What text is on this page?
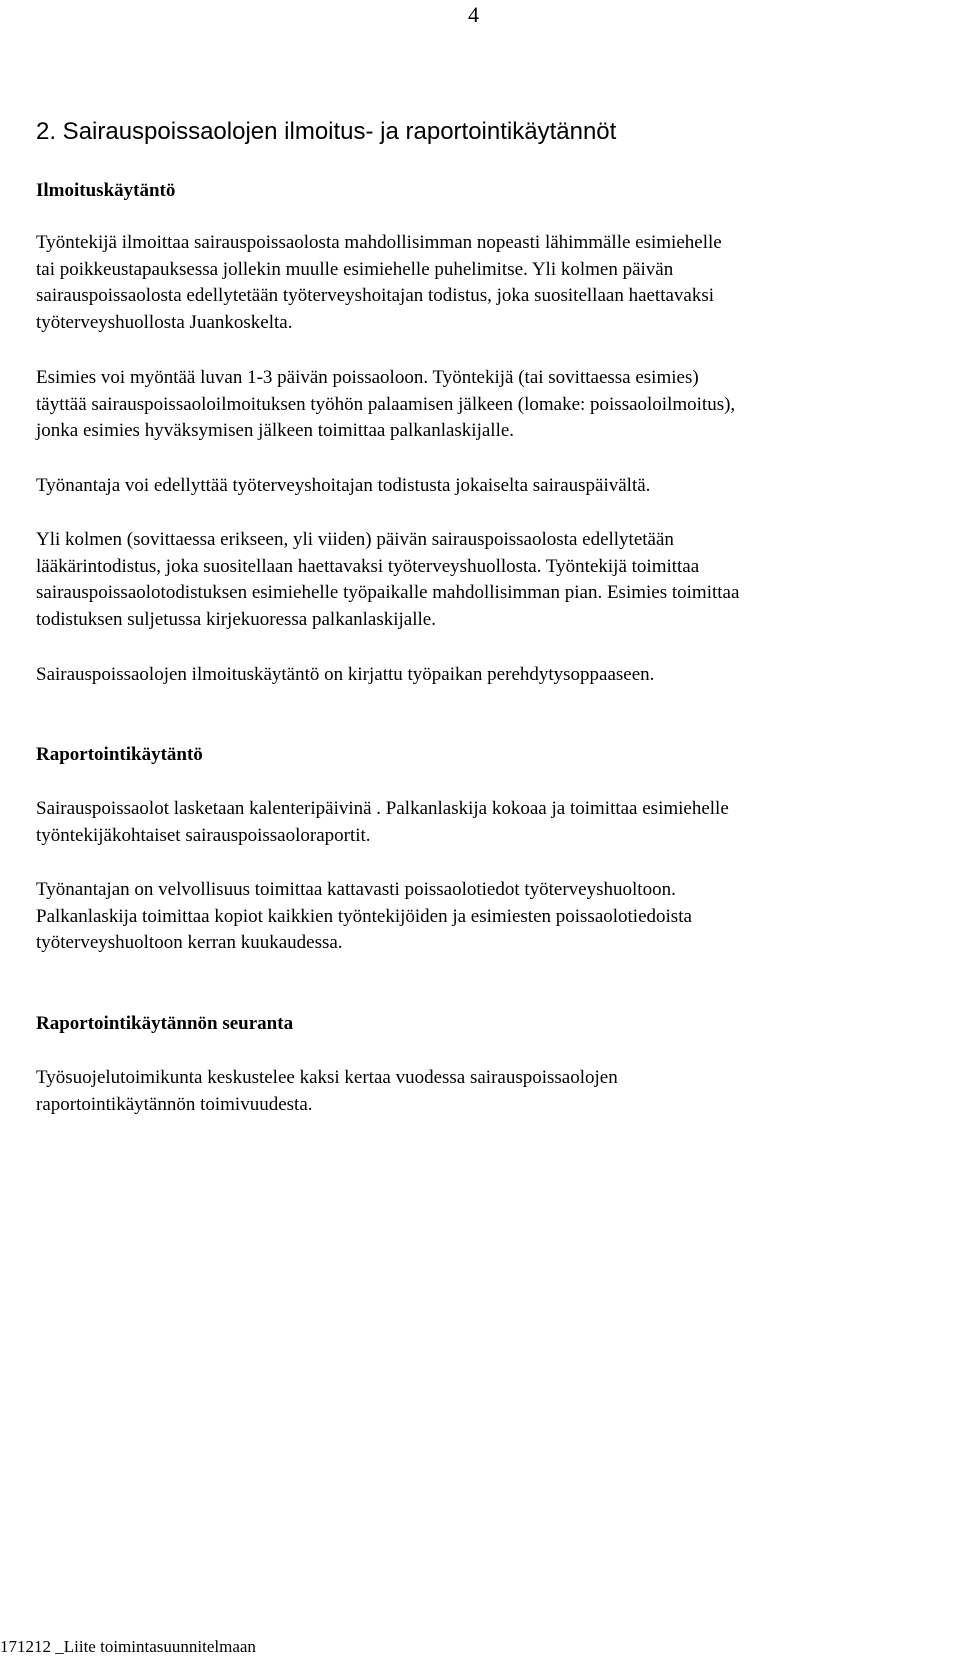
4
2. Sairauspoissaolojen ilmoitus- ja raportointikäytännöt
Ilmoituskäytäntö

Työntekijä ilmoittaa sairauspoissaolosta mahdollisimman nopeasti lähimmälle esimiehelle
tai poikkeustapauksessa jollekin muulle esimiehelle puhelimitse. Yli kolmen päivän
sairauspoissaolosta edellytetään työterveyshoitajan todistus, joka suositellaan haettavaksi
työterveyshuollosta Juankoskelta.

Esimies voi myöntää luvan 1-3 päivän poissaoloon. Työntekijä (tai sovittaessa esimies)
täyttää sairauspoissaoloilmoituksen työhön palaamisen jälkeen (lomake: poissaoloilmoitus),
jonka esimies hyväksymisen jälkeen toimittaa palkanlaskijalle.

Työnantaja voi edellyttää työterveyshoitajan todistusta jokaiselta sairauspäivältä.

Yli kolmen (sovittaessa erikseen, yli viiden) päivän sairauspoissaolosta edellytetään
lääkärintodistus, joka suositellaan haettavaksi työterveyshuollosta. Työntekijä toimittaa
sairauspoissaolotodistuksen esimiehelle työpaikalle mahdollisimman pian. Esimies toimittaa
todistuksen suljetussa kirjekuoressa palkanlaskijalle.

Sairauspoissaolojen ilmoituskäytäntö on kirjattu työpaikan perehdytysoppaaseen.

Raportointikäytäntö

Sairauspoissaolot lasketaan kalenteripäivinä . Palkanlaskija kokoaa ja toimittaa esimiehelle
työntekijäkohtaiset sairauspoissaoloraportit.

Työnantajan on velvollisuus toimittaa kattavasti poissaolotiedot työterveyshuoltoon.
Palkanlaskija toimittaa kopiot kaikkien työntekijöiden ja esimiesten poissaolotiedoista
työterveyshuoltoon kerran kuukaudessa.

Raportointikäytännön seuranta

Työsuojelutoimikunta keskustelee kaksi kertaa vuodessa sairauspoissaolojen
raportointikäytännön toimivuudesta.

171212 _Liite toimintasuunnitelmaan
